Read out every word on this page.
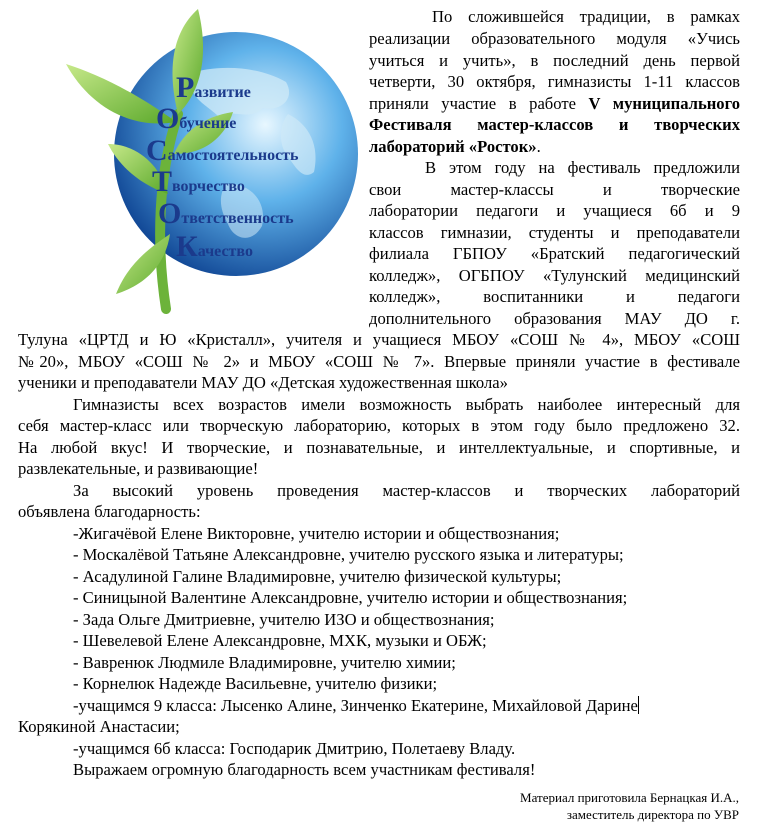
Развитие
Обучение
Самостоятельность
Творчество
Ответственность
Качество
По сложившейся традиции, в рамках
реализации образовательного модуля «Учись
учиться и учить», в последний день первой
четверти, 30 октября, гимназисты 1-11 классов
приняли участие в работе V муниципального
Фестиваля мастер-классов и творческих
лабораторий «Росток».
В этом году на фестиваль предложили
свои мастер-классы и творческие
лаборатории педагоги и учащиеся 6б и 9
классов гимназии, студенты и преподаватели
филиала ГБПОУ «Братский педагогический
колледж», ОГБПОУ «Тулунский медицинский
колледж», воспитанники и педагоги
дополнительного образования МАУ ДО г.
Тулуна «ЦРТД и Ю «Кристалл», учителя и учащиеся МБОУ «СОШ № 4», МБОУ «СОШ
№20», МБОУ «СОШ № 2» и МБОУ «СОШ № 7». Впервые приняли участие в фестивале
ученики и преподаватели МАУ ДО «Детская художественная школа»
Гимназисты всех возрастов имели возможность выбрать наиболее интересный для
себя мастер-класс или творческую лабораторию, которых в этом году было предложено 32.
На любой вкус! И творческие, и познавательные, и интеллектуальные, и спортивные, и
развлекательные, и развивающие!
За высокий уровень проведения мастер-классов и творческих лабораторий
объявлена благодарность:
-Жигачёвой Елене Викторовне, учителю истории и обществознания;
- Москалёвой Татьяне Александровне, учителю русского языка и литературы;
- Асадулиной Галине Владимировне, учителю физической культуры;
- Синицыной Валентине Александровне, учителю истории и обществознания;
- Зада Ольге Дмитриевне, учителю ИЗО и обществознания;
- Шевелевой Елене Александровне, МХК, музыки и ОБЖ;
- Вавренюк Людмиле Владимировне, учителю химии;
- Корнелюк Надежде Васильевне, учителю физики;
-учащимся 9 класса: Лысенко Алине, Зинченко Екатерине, Михайловой Дарине
Корякиной Анастасии;
-учащимся 6б класса: Господарик Дмитрию, Полетаеву Владу.
Выражаем огромную благодарность всем участникам фестиваля!
Материал приготовила Бернацкая И.А.,
заместитель директора по УВР
